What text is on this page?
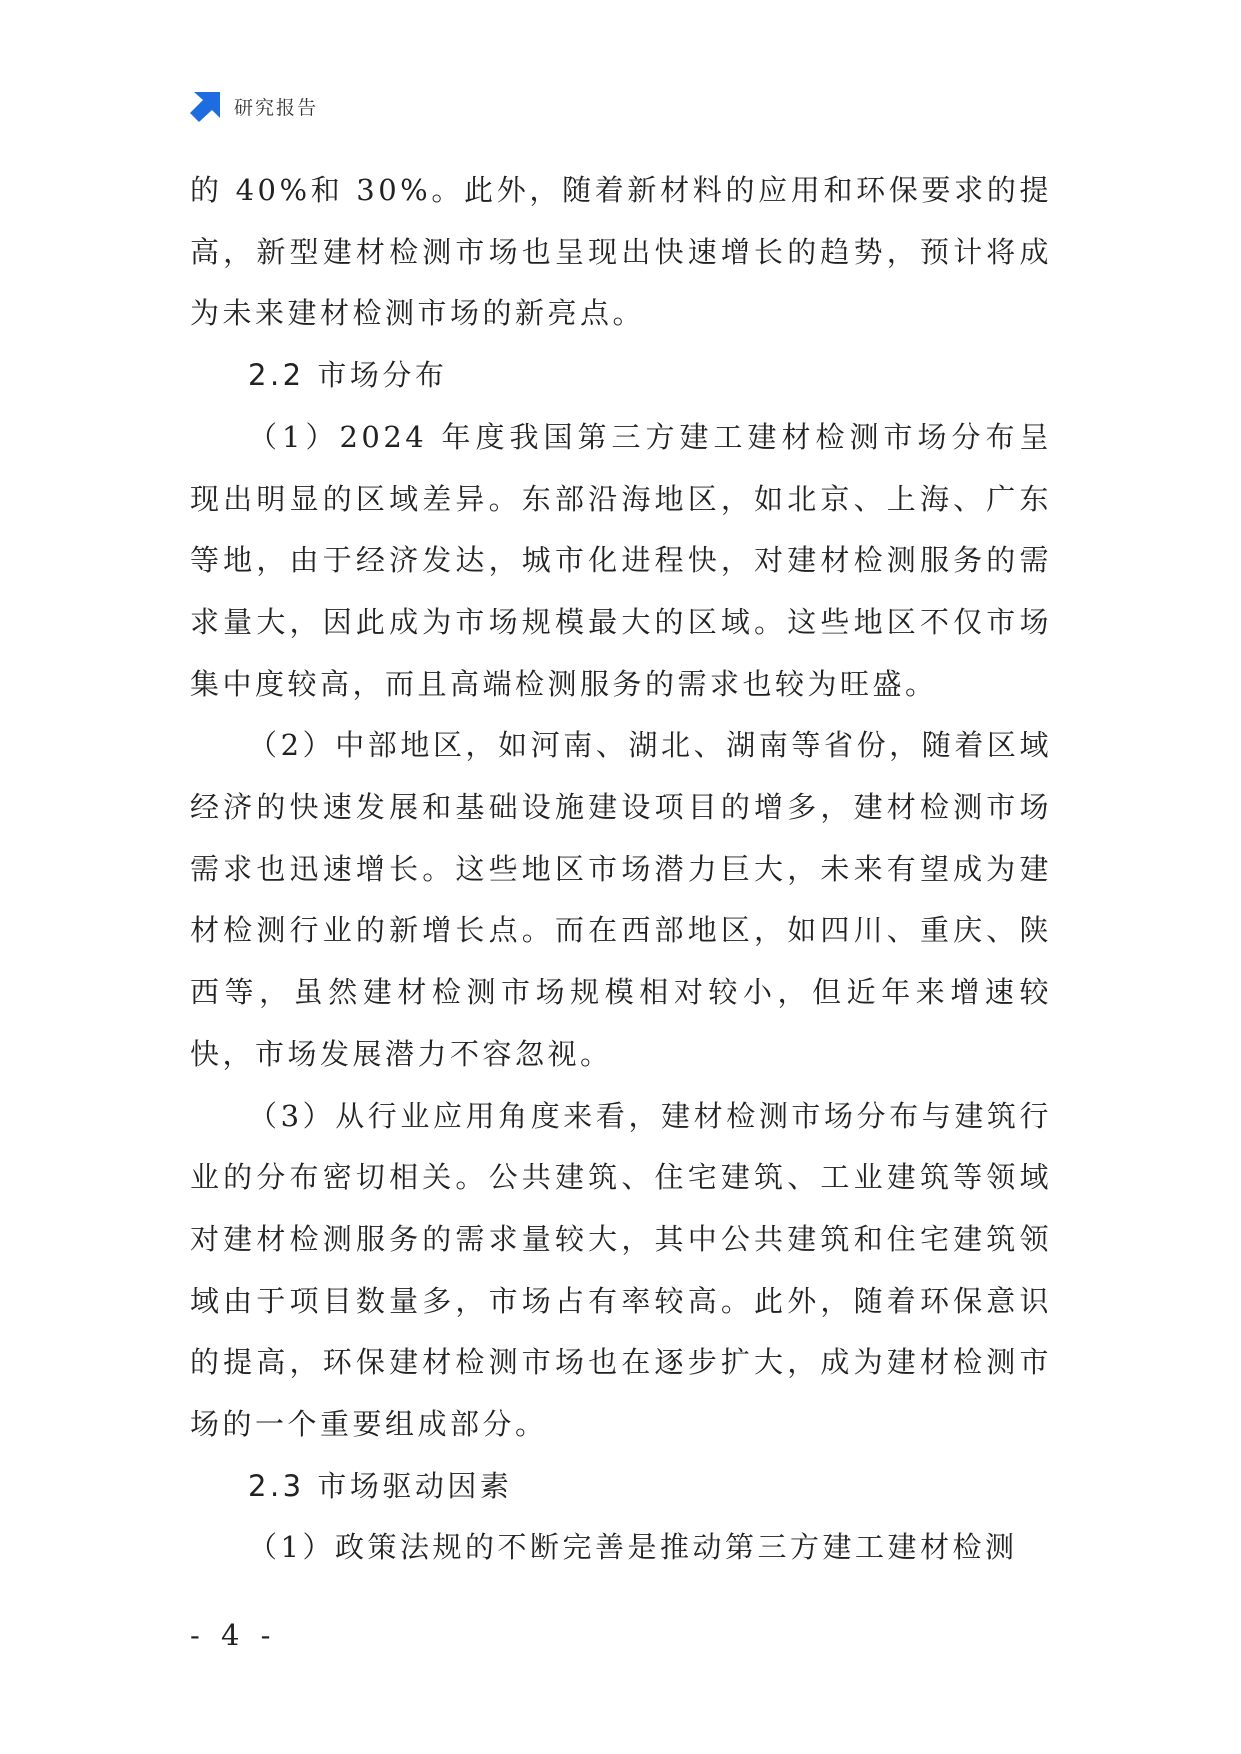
研究报告

的 40%和 30%。此外，随着新材料的应用和环保要求的提高，新型建材检测市场也呈现出快速增长的趋势，预计将成为未来建材检测市场的新亮点。

2.2 市场分布

（1）2024 年度我国第三方建工建材检测市场分布呈现出明显的区域差异。东部沿海地区，如北京、上海、广东等地，由于经济发达，城市化进程快，对建材检测服务的需求量大，因此成为市场规模最大的区域。这些地区不仅市场集中度较高，而且高端检测服务的需求也较为旺盛。

（2）中部地区，如河南、湖北、湖南等省份，随着区域经济的快速发展和基础设施建设项目的增多，建材检测市场需求也迅速增长。这些地区市场潜力巨大，未来有望成为建材检测行业的新增长点。而在西部地区，如四川、重庆、陕西等，虽然建材检测市场规模相对较小，但近年来增速较快，市场发展潜力不容忽视。

（3）从行业应用角度来看，建材检测市场分布与建筑行业的分布密切相关。公共建筑、住宅建筑、工业建筑等领域对建材检测服务的需求量较大，其中公共建筑和住宅建筑领域由于项目数量多，市场占有率较高。此外，随着环保意识的提高，环保建材检测市场也在逐步扩大，成为建材检测市场的一个重要组成部分。

2.3 市场驱动因素

（1）政策法规的不断完善是推动第三方建工建材检测

- 4 -
